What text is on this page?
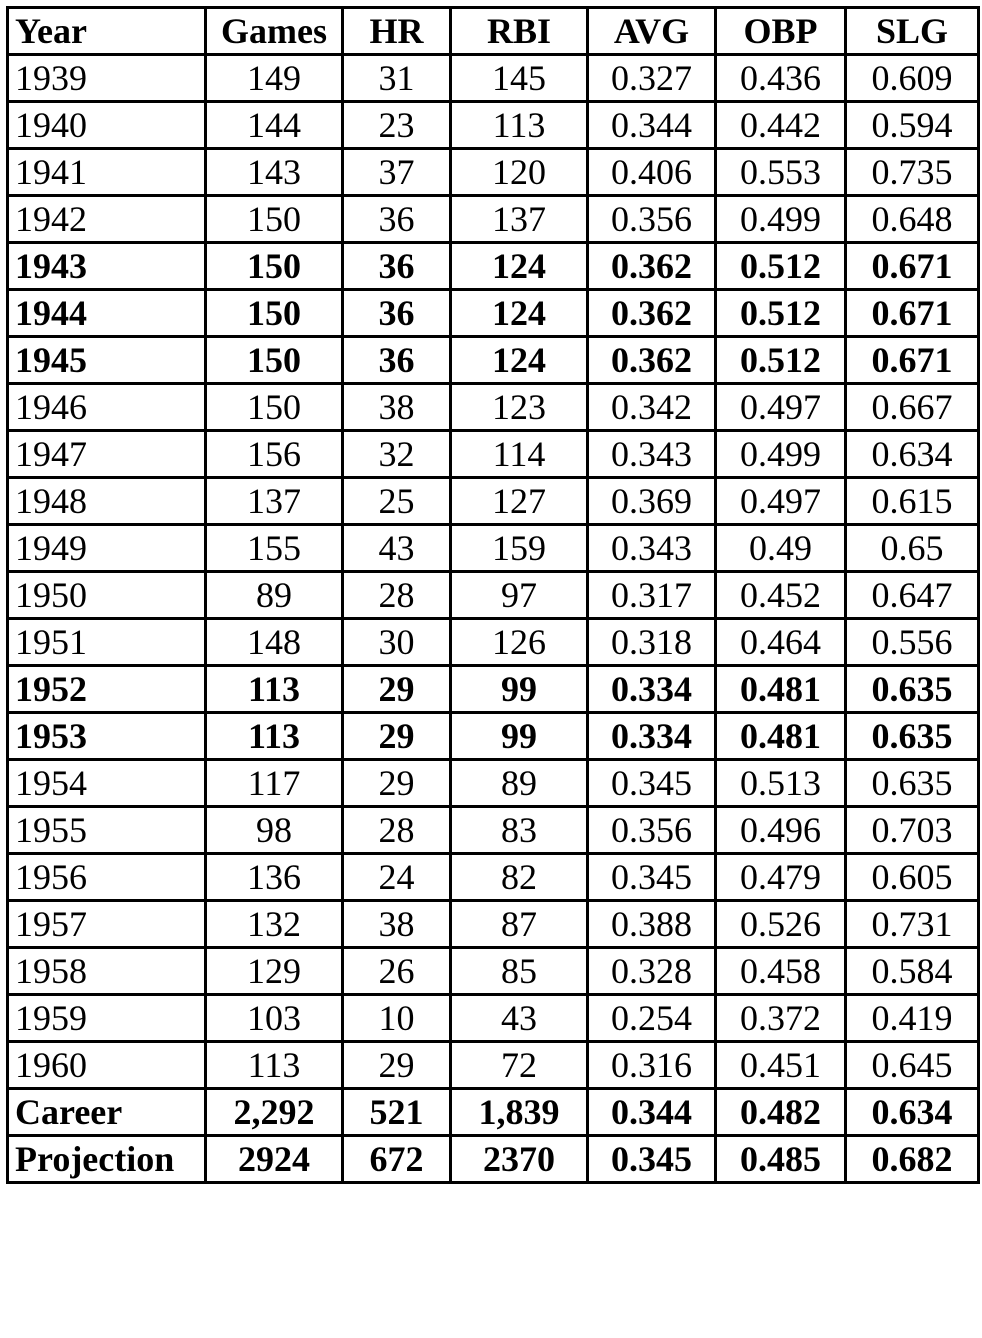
Year	Games	HR	RBI	AVG	OBP	SLG
1939	149	31	145	0.327	0.436	0.609
1940	144	23	113	0.344	0.442	0.594
1941	143	37	120	0.406	0.553	0.735
1942	150	36	137	0.356	0.499	0.648
1943	150	36	124	0.362	0.512	0.671
1944	150	36	124	0.362	0.512	0.671
1945	150	36	124	0.362	0.512	0.671
1946	150	38	123	0.342	0.497	0.667
1947	156	32	114	0.343	0.499	0.634
1948	137	25	127	0.369	0.497	0.615
1949	155	43	159	0.343	0.49	0.65
1950	89	28	97	0.317	0.452	0.647
1951	148	30	126	0.318	0.464	0.556
1952	113	29	99	0.334	0.481	0.635
1953	113	29	99	0.334	0.481	0.635
1954	117	29	89	0.345	0.513	0.635
1955	98	28	83	0.356	0.496	0.703
1956	136	24	82	0.345	0.479	0.605
1957	132	38	87	0.388	0.526	0.731
1958	129	26	85	0.328	0.458	0.584
1959	103	10	43	0.254	0.372	0.419
1960	113	29	72	0.316	0.451	0.645
Career	2,292	521	1,839	0.344	0.482	0.634
Projection	2924	672	2370	0.345	0.485	0.682
